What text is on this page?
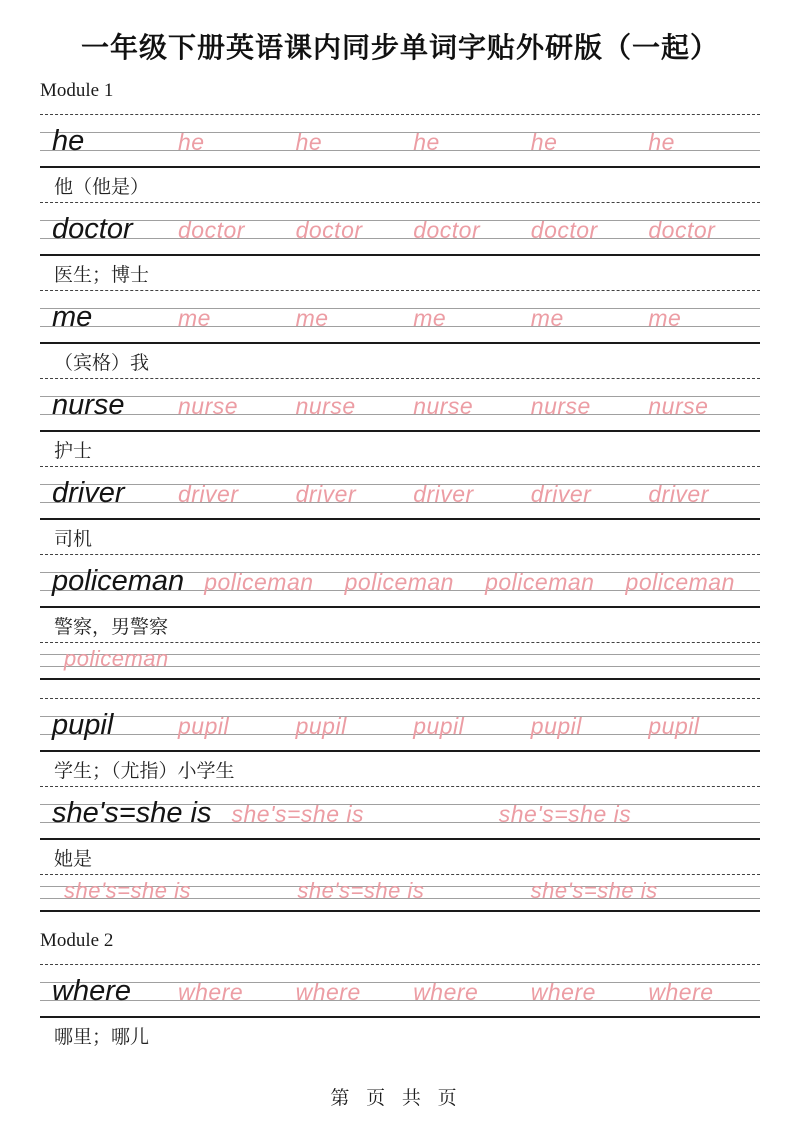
一年级下册英语课内同步单词字贴外研版（一起）
Module 1
he	he	he	he	he	he
他（他是）
doctor	doctor	doctor	doctor	doctor	doctor
医生；博士
me	me	me	me	me	me
（宾格）我
nurse	nurse	nurse	nurse	nurse	nurse
护士
driver	driver	driver	driver	driver	driver
司机
policeman policeman	policeman	policeman	policeman
警察，男警察
policeman
pupil	pupil	pupil	pupil	pupil	pupil
学生；（尤指）小学生
she's=she is she's=she is	she's=she is
她是
she's=she is	she's=she is	she's=she is
Module 2
where	where	where	where	where	where
哪里；哪儿
第 页 共 页
